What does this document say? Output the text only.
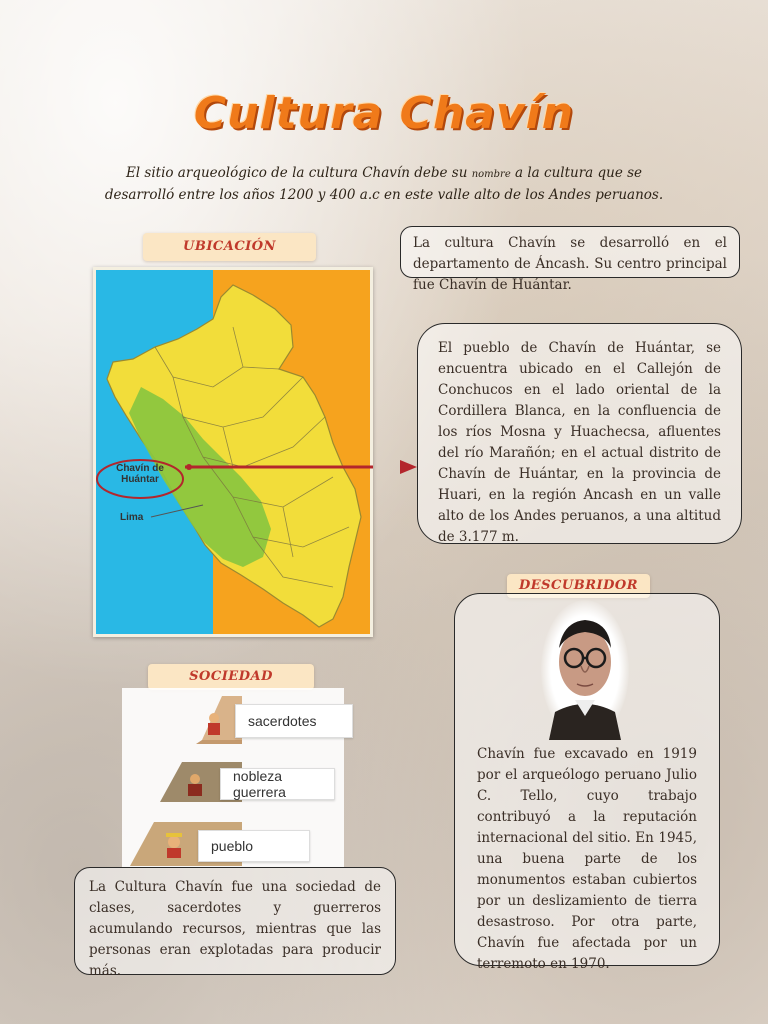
Cultura Chavín
El sitio arqueológico de la cultura Chavín debe su nombre a la cultura que se desarrolló entre los años 1200 y 400 a.c en este valle alto de los Andes peruanos.
UBICACIÓN
Chavín de Huántar
Lima
La cultura Chavín se desarrolló en el departamento de Áncash. Su centro principal fue Chavín de Huántar.
El pueblo de Chavín de Huántar, se encuentra ubicado en el Callejón de Conchucos en el lado oriental de la Cordillera Blanca, en la confluencia de los ríos Mosna y Huachecsa, afluentes del río Marañón; en el actual distrito de Chavín de Huántar, en la provincia de Huari, en la región Ancash en un valle alto de los Andes peruanos, a una altitud de 3.177 m.
DESCUBRIDOR
Chavín fue excavado en 1919 por el arqueólogo peruano Julio C. Tello, cuyo trabajo contribuyó a la reputación internacional del sitio. En 1945, una buena parte de los monumentos estaban cubiertos por un deslizamiento de tierra desastroso. Por otra parte, Chavín fue afectada por un terremoto en 1970.
SOCIEDAD
sacerdotes
nobleza guerrera
pueblo
La Cultura Chavín fue una sociedad de clases, sacerdotes y guerreros acumulando recursos, mientras que las personas eran explotadas para producir más.
